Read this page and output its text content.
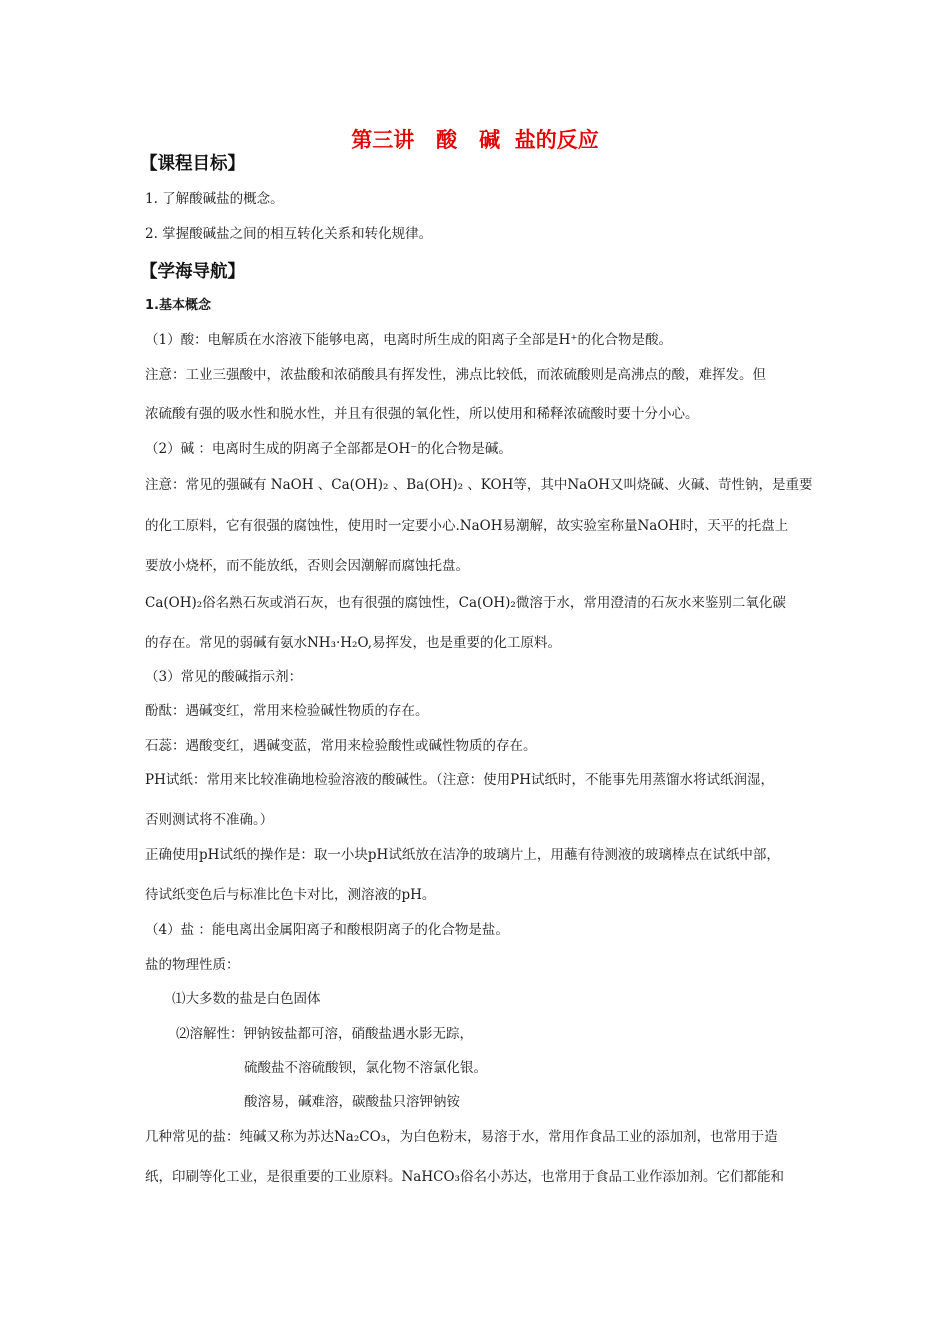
第三讲   酸   碱  盐的反应
【课程目标】
1. 了解酸碱盐的概念。
2. 掌握酸碱盐之间的相互转化关系和转化规律。
【学海导航】
1.基本概念
（1）酸：电解质在水溶液下能够电离，电离时所生成的阳离子全部是H⁺的化合物是酸。
注意：工业三强酸中，浓盐酸和浓硝酸具有挥发性，沸点比较低，而浓硫酸则是高沸点的酸，难挥发。但
浓硫酸有强的吸水性和脱水性，并且有很强的氧化性，所以使用和稀释浓硫酸时要十分小心。
（2）碱 ：电离时生成的阴离子全部都是OH⁻的化合物是碱。
注意：常见的强碱有 NaOH 、Ca(OH)₂ 、Ba(OH)₂ 、KOH等，其中NaOH又叫烧碱、火碱、苛性钠，是重要
的化工原料，它有很强的腐蚀性，使用时一定要小心.NaOH易潮解，故实验室称量NaOH时，天平的托盘上
要放小烧杯，而不能放纸，否则会因潮解而腐蚀托盘。
Ca(OH)₂俗名熟石灰或消石灰，也有很强的腐蚀性，Ca(OH)₂微溶于水，常用澄清的石灰水来鉴别二氧化碳
的存在。常见的弱碱有氨水NH₃·H₂O,易挥发，也是重要的化工原料。
（3）常见的酸碱指示剂：
酚酞：遇碱变红，常用来检验碱性物质的存在。
石蕊：遇酸变红，遇碱变蓝，常用来检验酸性或碱性物质的存在。
PH试纸：常用来比较准确地检验溶液的酸碱性。（注意：使用PH试纸时，不能事先用蒸馏水将试纸润湿，
否则测试将不准确。）
正确使用pH试纸的操作是：取一小块pH试纸放在洁净的玻璃片上，用蘸有待测液的玻璃棒点在试纸中部，
待试纸变色后与标准比色卡对比，测溶液的pH。
（4）盐 ：能电离出金属阳离子和酸根阴离子的化合物是盐。
盐的物理性质：
⑴大多数的盐是白色固体
⑵溶解性：钾钠铵盐都可溶，硝酸盐遇水影无踪，
硫酸盐不溶硫酸钡，氯化物不溶氯化银。
酸溶易，碱难溶，碳酸盐只溶钾钠铵
几种常见的盐：纯碱又称为苏达Na₂CO₃，为白色粉末，易溶于水，常用作食品工业的添加剂，也常用于造
纸，印刷等化工业，是很重要的工业原料。NaHCO₃俗名小苏达，也常用于食品工业作添加剂。它们都能和
